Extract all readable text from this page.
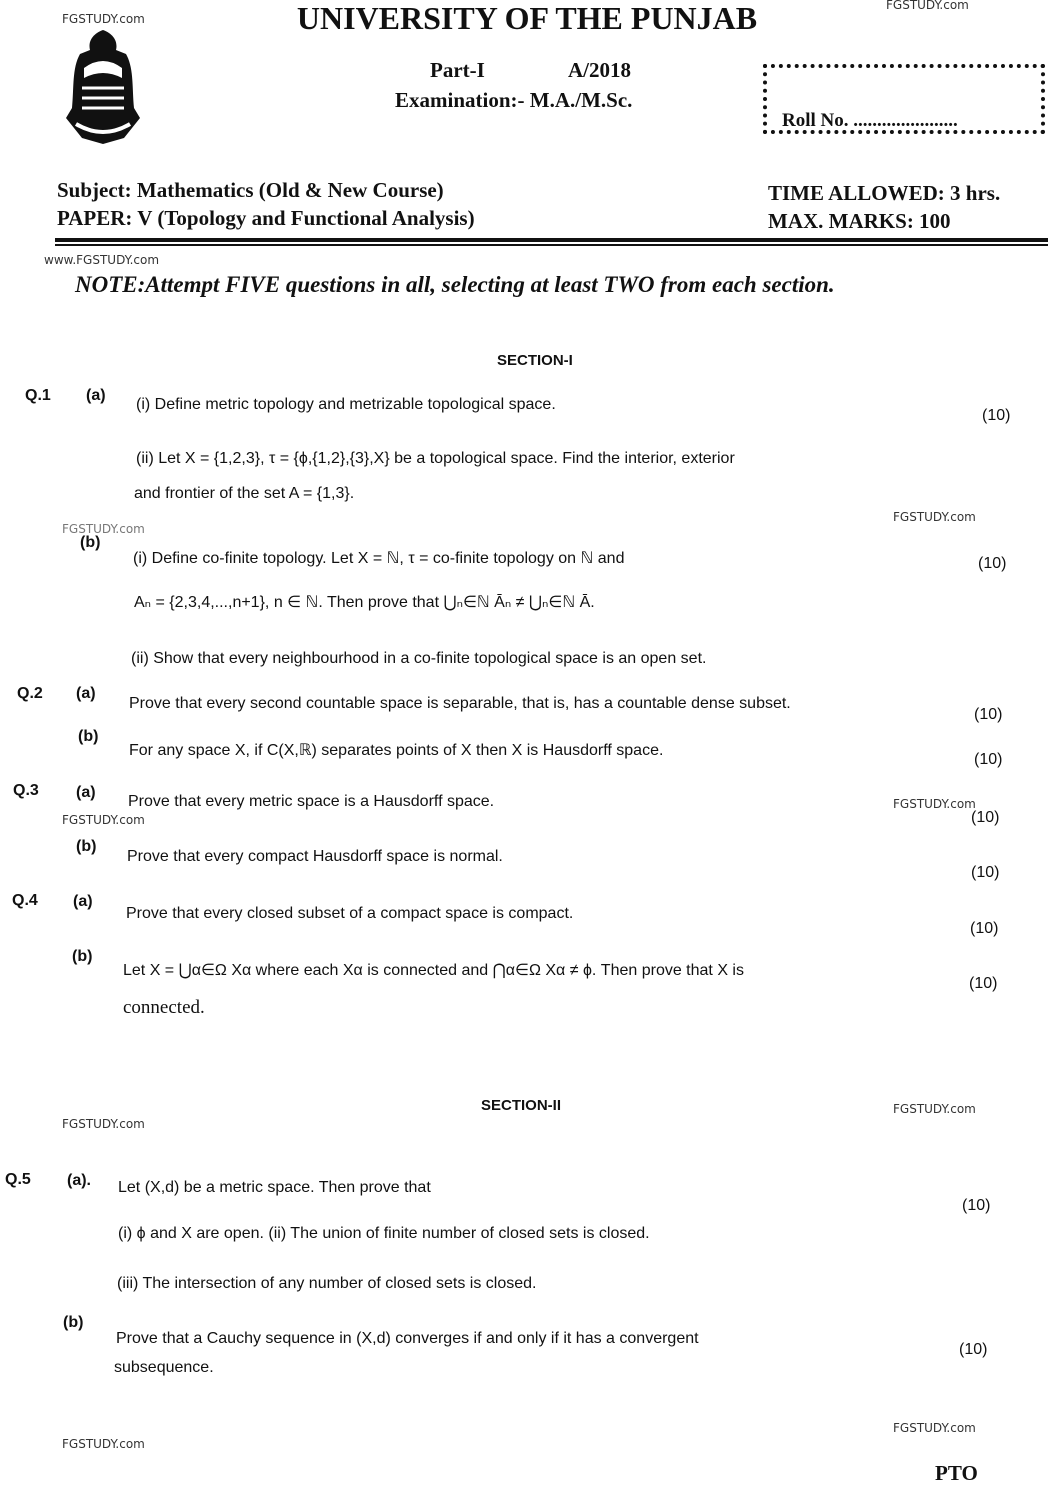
FGSTUDY.com
FGSTUDY.com
www.FGSTUDY.com
FGSTUDY.com
FGSTUDY.com
FGSTUDY.com
FGSTUDY.com
FGSTUDY.com
FGSTUDY.com
FGSTUDY.com
FGSTUDY.com
UNIVERSITY OF THE PUNJAB
Part-I	A/2018
Examination:- M.A./M.Sc.
Roll No. ......................
Subject: Mathematics (Old & New Course)
PAPER: V (Topology and Functional Analysis)
TIME ALLOWED: 3 hrs.
MAX. MARKS: 100
NOTE:Attempt FIVE questions in all, selecting at least TWO from each section.
SECTION-I
Q.1 (a)
(i) Define metric topology and metrizable topological space.
(10)
(ii) Let X = {1,2,3}, τ = {ϕ,{1,2},{3},X} be a topological space. Find the interior, exterior
and frontier of the set A = {1,3}.
(b)
(i) Define co-finite topology. Let X = ℕ, τ = co-finite topology on ℕ and	(10)
Aₙ = {2,3,4,...,n+1}, n ∈ ℕ. Then prove that ⋃ₙ∈ℕ Āₙ ≠ ⋃ₙ∈ℕ Ā.
(ii) Show that every neighbourhood in a co-finite topological space is an open set.
Q.2 (a)
Prove that every second countable space is separable, that is, has a countable dense subset.
(10)
(b)
For any space X, if C(X,ℝ) separates points of X then X is Hausdorff space.
(10)
Q.3 (a)
Prove that every metric space is a Hausdorff space.
(10)
(b)
Prove that every compact Hausdorff space is normal.
(10)
Q.4 (a)
Prove that every closed subset of a compact space is compact.
(10)
(b)
Let X = ⋃α∈Ω Xα where each Xα is connected and ⋂α∈Ω Xα ≠ ϕ. Then prove that X is
(10)
connected.
SECTION-II
Q.5 (a). Let (X,d) be a metric space. Then prove that
(10)
(i) ϕ and X are open. (ii) The union of finite number of closed sets is closed.
(iii) The intersection of any number of closed sets is closed.
(b)
Prove that a Cauchy sequence in (X,d) converges if and only if it has a convergent
(10)
subsequence.
PTO
